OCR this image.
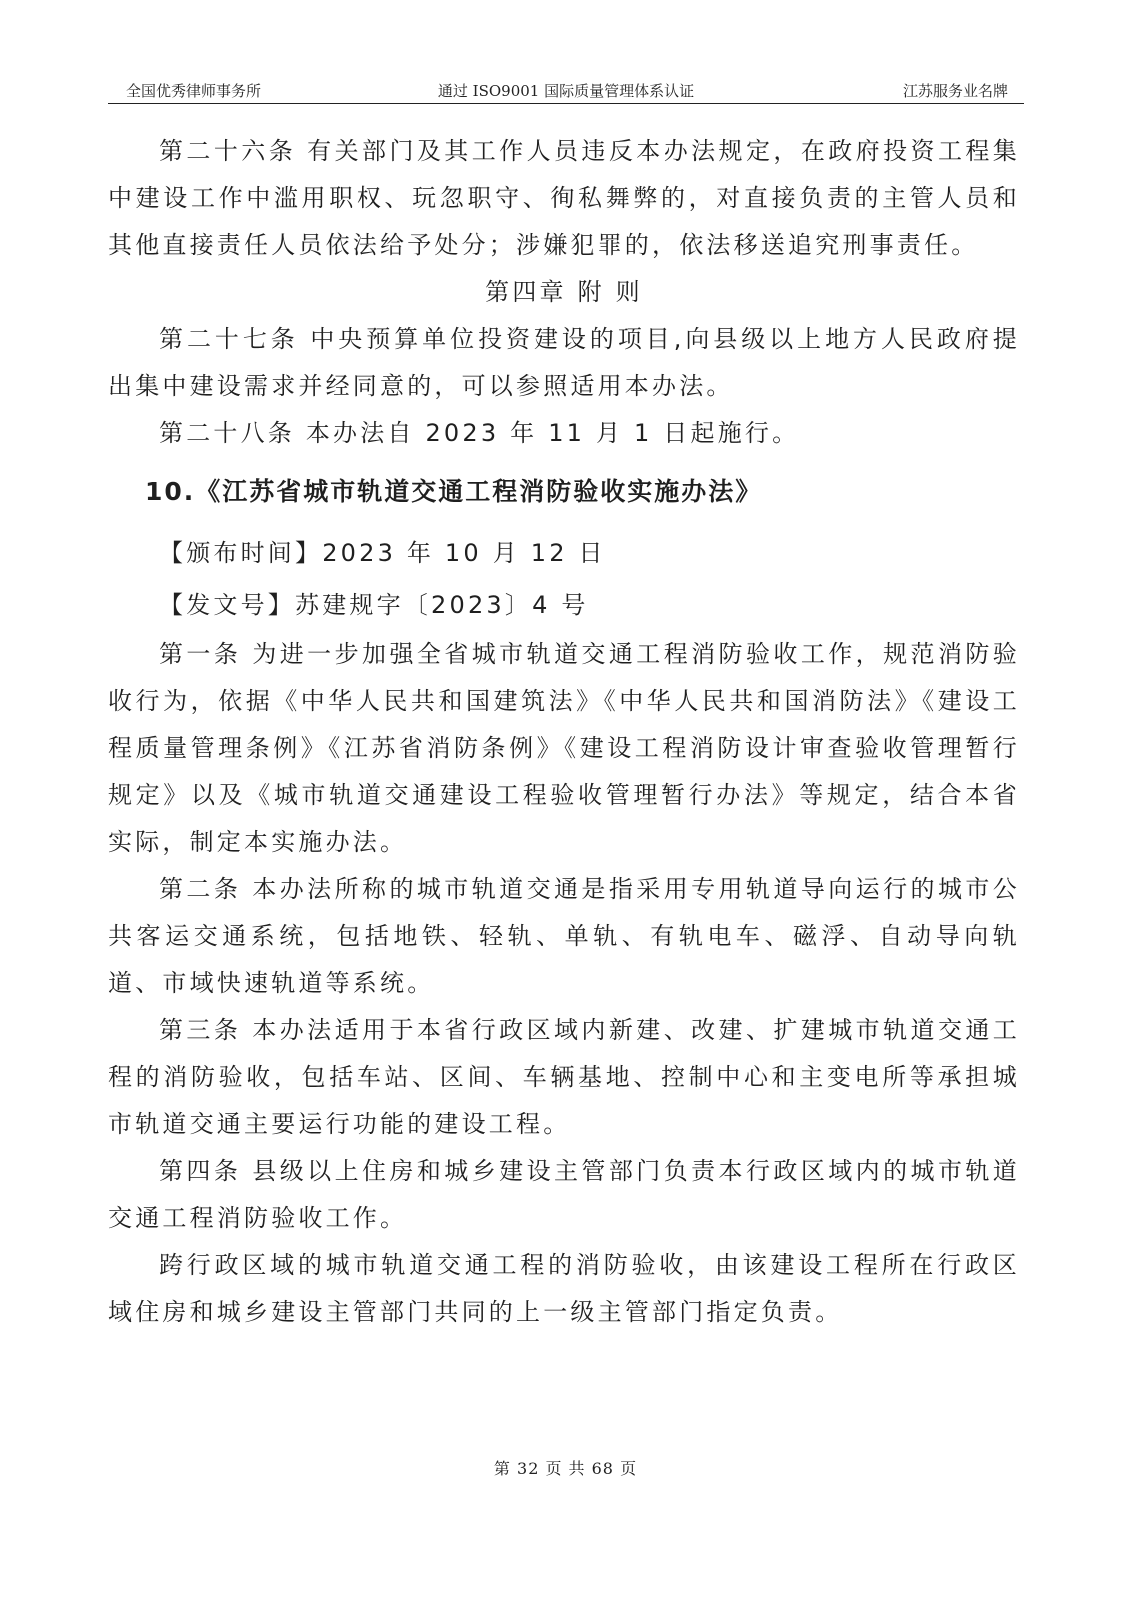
全国优秀律师事务所	通过 ISO9001 国际质量管理体系认证	江苏服务业名牌

第二十六条 有关部门及其工作人员违反本办法规定，在政府投资工程集中建设工作中滥用职权、玩忽职守、徇私舞弊的，对直接负责的主管人员和其他直接责任人员依法给予处分；涉嫌犯罪的，依法移送追究刑事责任。

第四章 附 则

第二十七条 中央预算单位投资建设的项目,向县级以上地方人民政府提出集中建设需求并经同意的，可以参照适用本办法。

第二十八条 本办法自 2023 年 11 月 1 日起施行。

10.《江苏省城市轨道交通工程消防验收实施办法》

【颁布时间】2023 年 10 月 12 日

【发文号】苏建规字〔2023〕4 号

第一条 为进一步加强全省城市轨道交通工程消防验收工作，规范消防验收行为，依据《中华人民共和国建筑法》《中华人民共和国消防法》《建设工程质量管理条例》《江苏省消防条例》《建设工程消防设计审查验收管理暂行规定》以及《城市轨道交通建设工程验收管理暂行办法》等规定，结合本省实际，制定本实施办法。

第二条 本办法所称的城市轨道交通是指采用专用轨道导向运行的城市公共客运交通系统，包括地铁、轻轨、单轨、有轨电车、磁浮、自动导向轨道、市域快速轨道等系统。

第三条 本办法适用于本省行政区域内新建、改建、扩建城市轨道交通工程的消防验收，包括车站、区间、车辆基地、控制中心和主变电所等承担城市轨道交通主要运行功能的建设工程。

第四条 县级以上住房和城乡建设主管部门负责本行政区域内的城市轨道交通工程消防验收工作。

跨行政区域的城市轨道交通工程的消防验收，由该建设工程所在行政区域住房和城乡建设主管部门共同的上一级主管部门指定负责。

第 32 页 共 68 页
